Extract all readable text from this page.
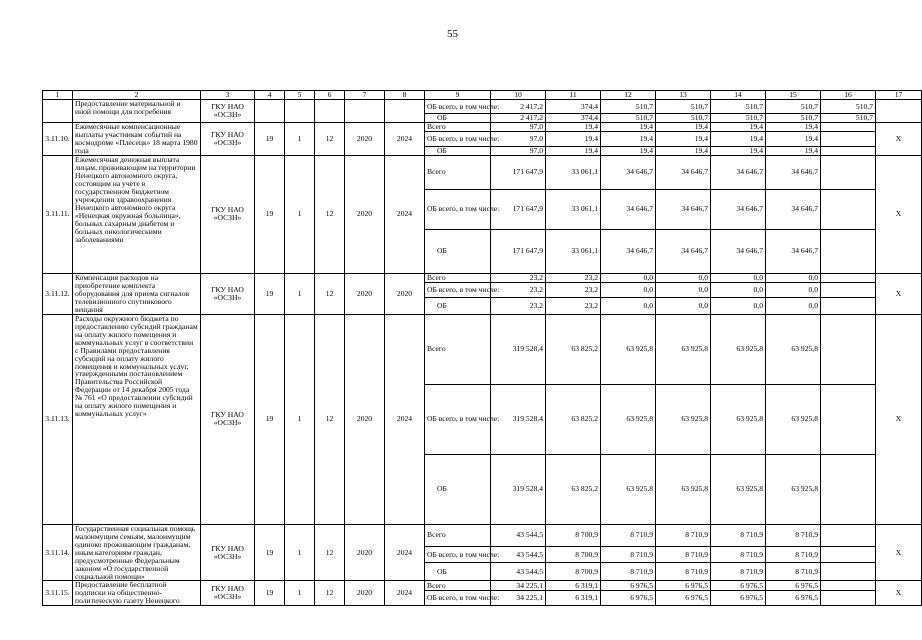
55
1	2	3	4	5	6	7	8	9	10	11	12	13	14	15	16	17
	Предоставление материальной и иной помощи для погребения	ГКУ НАО «ОСЗН»						ОБ всего, в том числе:	2 417,2	374,4	510,7	510,7	510,7	510,7	510,7	
								ОБ	2 417,2	374,4	510,7	510,7	510,7	510,7	510,7	
3.11.10.	Ежемесячные компенсационные выплаты участникам событий на космодроме «Плесецк» 18 марта 1980 года	ГКУ НАО «ОСЗН»	19	1	12	2020	2024	Всего	97,0	19,4	19,4	19,4	19,4	19,4		Х
								ОБ всего, в том числе:	97,0	19,4	19,4	19,4	19,4	19,4		
								ОБ	97,0	19,4	19,4	19,4	19,4	19,4		
3.11.11.	Ежемесячная денежная выплата лицам, проживающим на территории Ненецкого автономного округа, состоящим на учете в государственном бюджетном учреждении здравоохранения Ненецкого автономного округа «Ненецкая окружная больница», больных сахарным диабетом и больных онкологическими заболеваниями	ГКУ НАО «ОСЗН»	19	1	12	2020	2024	Всего	171 647,9	33 061,1	34 646,7	34 646,7	34 646,7	34 646,7		Х
								ОБ всего, в том числе:	171 647,9	33 061,1	34 646,7	34 646,7	34 646,7	34 646,7		
								ОБ	171 647,9	33 061,1	34 646,7	34 646,7	34 646,7	34 646,7		
3.11.12.	Компенсация расходов на приобретение комплекта оборудования для приема сигналов телевизионного спутникового вещания	ГКУ НАО «ОСЗН»	19	1	12	2020	2020	Всего	23,2	23,2	0,0	0,0	0,0	0,0		Х
								ОБ всего, в том числе:	23,2	23,2	0,0	0,0	0,0	0,0		
								ОБ	23,2	23,2	0,0	0,0	0,0	0,0		
3.11.13.	Расходы окружного бюджета по предоставлению субсидий гражданам на оплату жилого помещения и коммунальных услуг в соответствии с Правилами предоставления субсидий на оплату жилого помещения и коммунальных услуг, утвержденными постановлением Правительства Российской Федерации от 14 декабря 2005 года № 761 «О предоставлении субсидий на оплату жилого помещения и коммунальных услуг»	ГКУ НАО «ОСЗН»	19	1	12	2020	2024	Всего	319 528,4	63 825,2	63 925,8	63 925,8	63 925,8	63 925,8		Х
								ОБ всего, в том числе:	319 528,4	63 825,2	63 925,8	63 925,8	63 925,8	63 925,8		
								ОБ	319 528,4	63 825,2	63 925,8	63 925,8	63 925,8	63 925,8		
3.11.14.	Государственная социальная помощь малоимущим семьям, малоимущим одиноко проживающим гражданам, иным категориям граждан, предусмотренные Федеральным законом «О государственной социальной помощи»	ГКУ НАО «ОСЗН»	19	1	12	2020	2024	Всего	43 544,5	8 700,9	8 710,9	8 710,9	8 710,9	8 710,9		Х
								ОБ всего, в том числе:	43 544,5	8 700,9	8 710,9	8 710,9	8 710,9	8 710,9		
								ОБ	43 544,5	8 700,9	8 710,9	8 710,9	8 710,9	8 710,9		
3.11.15.	Предоставление бесплатной подписки на общественно-политическую газету Ненецкого	ГКУ НАО «ОСЗН»	19	1	12	2020	2024	Всего	34 225,1	6 319,1	6 976,5	6 976,5	6 976,5	6 976,5		Х
								ОБ всего, в том числе:	34 225,1	6 319,1	6 976,5	6 976,5	6 976,5	6 976,5		
